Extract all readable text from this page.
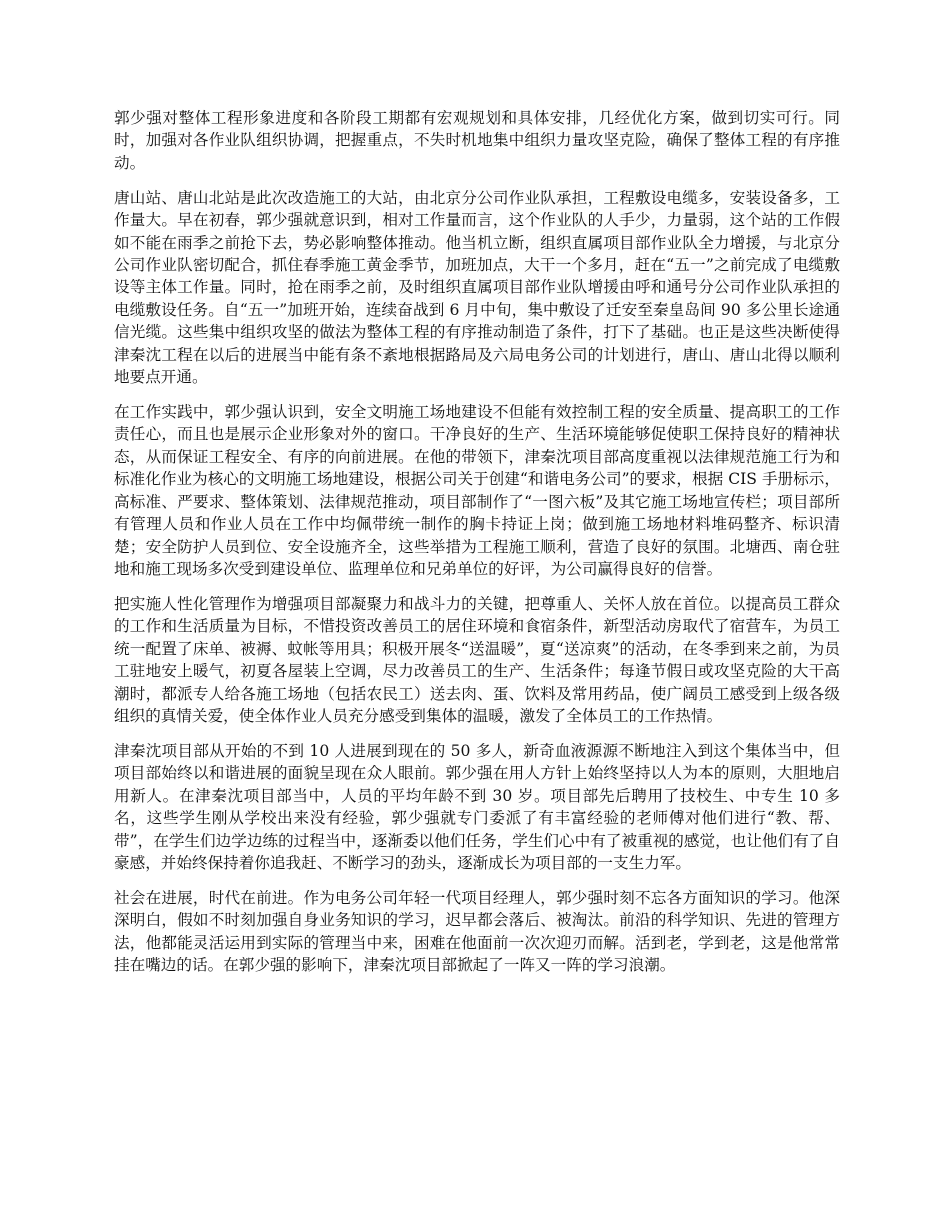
郭少强对整体工程形象进度和各阶段工期都有宏观规划和具体安排，几经优化方案，做到切实可行。同时，加强对各作业队组织协调，把握重点，不失时机地集中组织力量攻坚克险，确保了整体工程的有序推动。

唐山站、唐山北站是此次改造施工的大站，由北京分公司作业队承担，工程敷设电缆多，安装设备多，工作量大。早在初春，郭少强就意识到，相对工作量而言，这个作业队的人手少，力量弱，这个站的工作假如不能在雨季之前抢下去，势必影响整体推动。他当机立断，组织直属项目部作业队全力增援，与北京分公司作业队密切配合，抓住春季施工黄金季节，加班加点，大干一个多月，赶在“五一”之前完成了电缆敷设等主体工作量。同时，抢在雨季之前，及时组织直属项目部作业队增援由呼和通号分公司作业队承担的电缆敷设任务。自“五一”加班开始，连续奋战到 6 月中旬，集中敷设了迁安至秦皇岛间 90 多公里长途通信光缆。这些集中组织攻坚的做法为整体工程的有序推动制造了条件，打下了基础。也正是这些决断使得津秦沈工程在以后的进展当中能有条不紊地根据路局及六局电务公司的计划进行，唐山、唐山北得以顺利地要点开通。

在工作实践中，郭少强认识到，安全文明施工场地建设不但能有效控制工程的安全质量、提高职工的工作责任心，而且也是展示企业形象对外的窗口。干净良好的生产、生活环境能够促使职工保持良好的精神状态，从而保证工程安全、有序的向前进展。在他的带领下，津秦沈项目部高度重视以法律规范施工行为和标准化作业为核心的文明施工场地建设，根据公司关于创建“和谐电务公司”的要求，根据 CIS 手册标示，高标准、严要求、整体策划、法律规范推动，项目部制作了“一图六板”及其它施工场地宣传栏；项目部所有管理人员和作业人员在工作中均佩带统一制作的胸卡持证上岗；做到施工场地材料堆码整齐、标识清楚；安全防护人员到位、安全设施齐全，这些举措为工程施工顺利，营造了良好的氛围。北塘西、南仓驻地和施工现场多次受到建设单位、监理单位和兄弟单位的好评，为公司赢得良好的信誉。

把实施人性化管理作为增强项目部凝聚力和战斗力的关键，把尊重人、关怀人放在首位。以提高员工群众的工作和生活质量为目标，不惜投资改善员工的居住环境和食宿条件，新型活动房取代了宿营车，为员工统一配置了床单、被褥、蚊帐等用具；积极开展冬“送温暖”，夏“送凉爽”的活动，在冬季到来之前，为员工驻地安上暖气，初夏各屋装上空调，尽力改善员工的生产、生活条件；每逢节假日或攻坚克险的大干高潮时，都派专人给各施工场地（包括农民工）送去肉、蛋、饮料及常用药品，使广阔员工感受到上级各级组织的真情关爱，使全体作业人员充分感受到集体的温暖，激发了全体员工的工作热情。

津秦沈项目部从开始的不到 10 人进展到现在的 50 多人，新奇血液源源不断地注入到这个集体当中，但项目部始终以和谐进展的面貌呈现在众人眼前。郭少强在用人方针上始终坚持以人为本的原则，大胆地启用新人。在津秦沈项目部当中，人员的平均年龄不到 30 岁。项目部先后聘用了技校生、中专生 10 多名，这些学生刚从学校出来没有经验，郭少强就专门委派了有丰富经验的老师傅对他们进行“教、帮、带”，在学生们边学边练的过程当中，逐渐委以他们任务，学生们心中有了被重视的感觉，也让他们有了自豪感，并始终保持着你追我赶、不断学习的劲头，逐渐成长为项目部的一支生力军。

社会在进展，时代在前进。作为电务公司年轻一代项目经理人，郭少强时刻不忘各方面知识的学习。他深深明白，假如不时刻加强自身业务知识的学习，迟早都会落后、被淘汰。前沿的科学知识、先进的管理方法，他都能灵活运用到实际的管理当中来，困难在他面前一次次迎刃而解。活到老，学到老，这是他常常挂在嘴边的话。在郭少强的影响下，津秦沈项目部掀起了一阵又一阵的学习浪潮。
